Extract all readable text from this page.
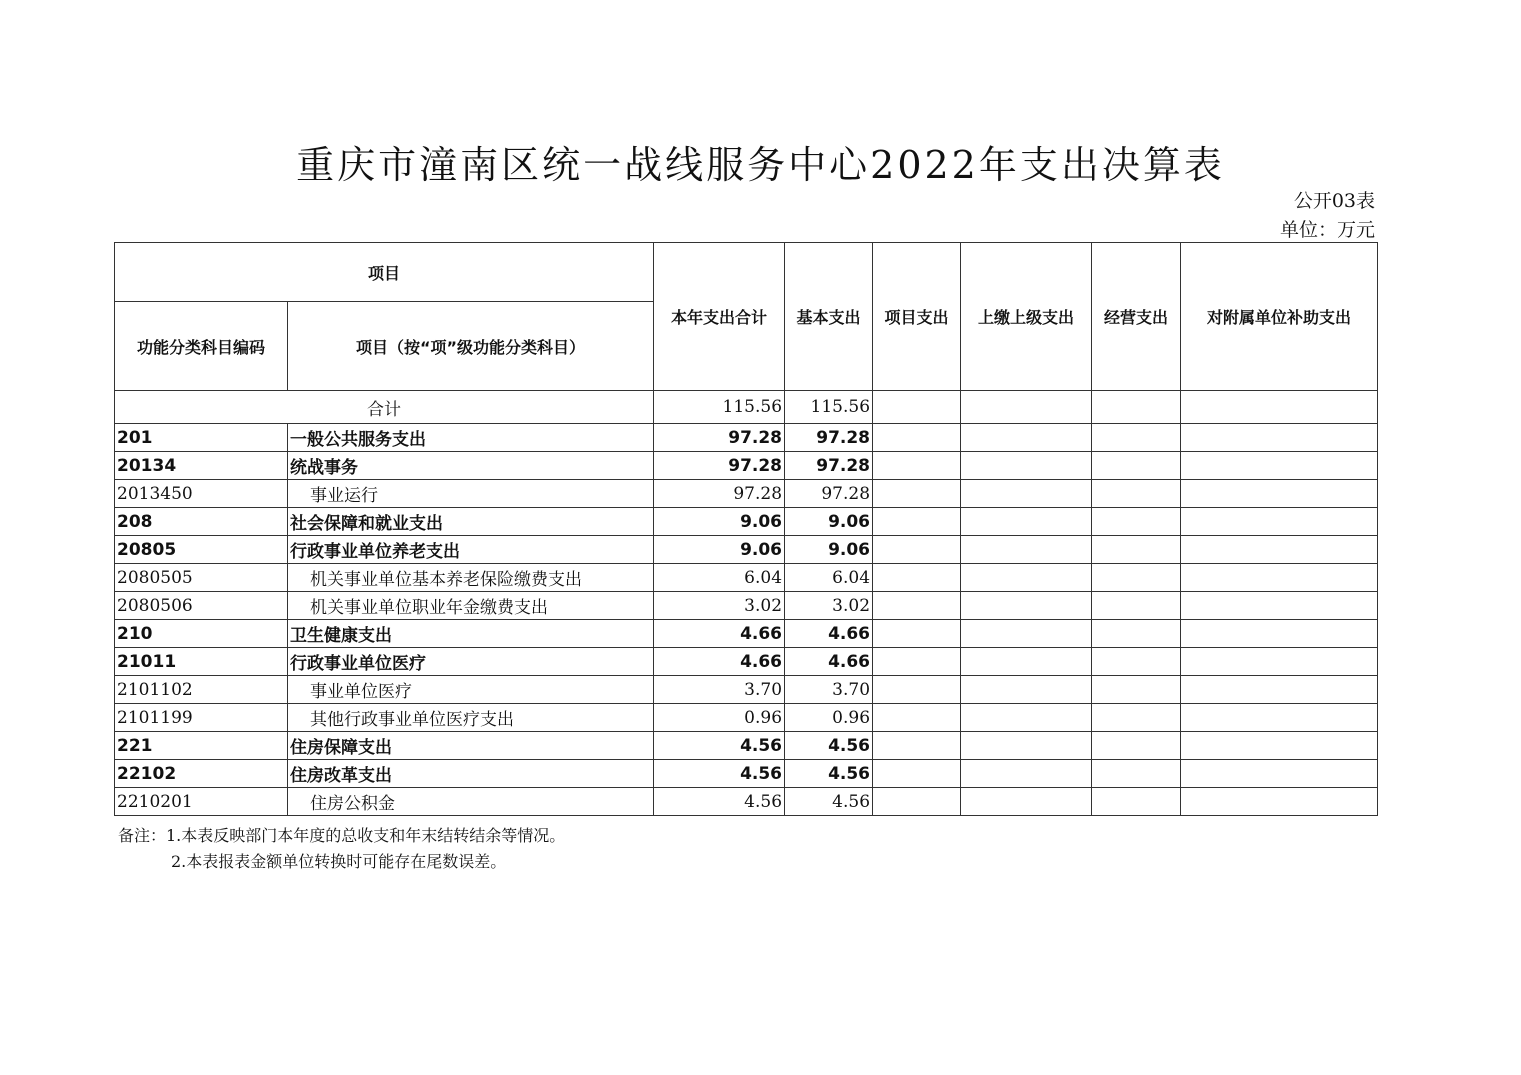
重庆市潼南区统一战线服务中心2022年支出决算表
公开03表
单位：万元
项目		本年支出合计	基本支出	项目支出	上缴上级支出	经营支出	对附属单位补助支出
功能分类科目编码	项目（按“项”级功能分类科目）						
合计		115.56	115.56				
201	一般公共服务支出	97.28	97.28				
20134	统战事务	97.28	97.28				
2013450	事业运行	97.28	97.28				
208	社会保障和就业支出	9.06	9.06				
20805	行政事业单位养老支出	9.06	9.06				
2080505	机关事业单位基本养老保险缴费支出	6.04	6.04				
2080506	机关事业单位职业年金缴费支出	3.02	3.02				
210	卫生健康支出	4.66	4.66				
21011	行政事业单位医疗	4.66	4.66				
2101102	事业单位医疗	3.70	3.70				
2101199	其他行政事业单位医疗支出	0.96	0.96				
221	住房保障支出	4.56	4.56				
22102	住房改革支出	4.56	4.56				
2210201	住房公积金	4.56	4.56				
备注：1.本表反映部门本年度的总收支和年末结转结余等情况。
2.本表报表金额单位转换时可能存在尾数误差。
